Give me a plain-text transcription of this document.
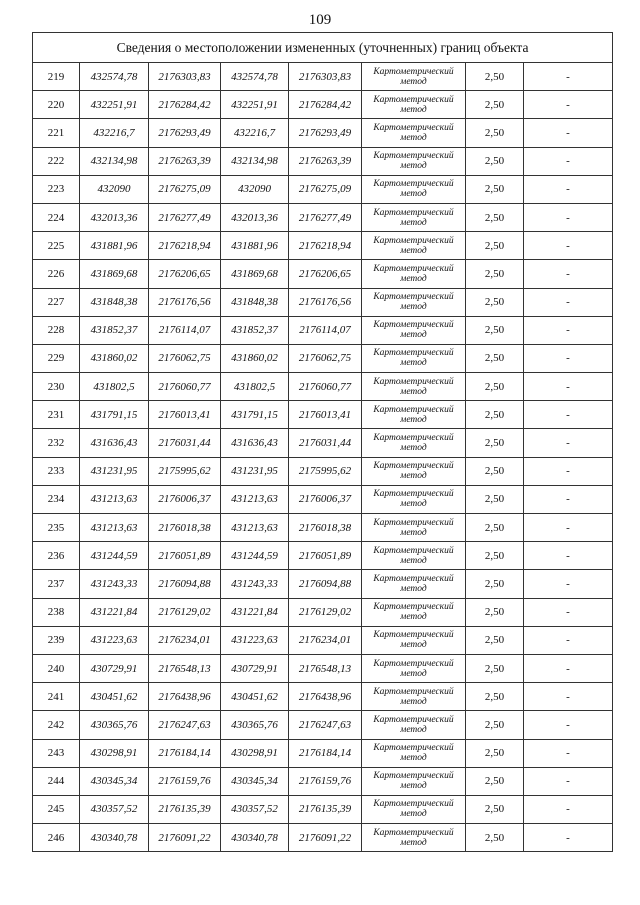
109
Сведения о местоположении измененных (уточненных) границ объекта							
219	432574,78	2176303,83	432574,78	2176303,83	Картометрический метод	2,50	-
220	432251,91	2176284,42	432251,91	2176284,42	Картометрический метод	2,50	-
221	432216,7	2176293,49	432216,7	2176293,49	Картометрический метод	2,50	-
222	432134,98	2176263,39	432134,98	2176263,39	Картометрический метод	2,50	-
223	432090	2176275,09	432090	2176275,09	Картометрический метод	2,50	-
224	432013,36	2176277,49	432013,36	2176277,49	Картометрический метод	2,50	-
225	431881,96	2176218,94	431881,96	2176218,94	Картометрический метод	2,50	-
226	431869,68	2176206,65	431869,68	2176206,65	Картометрический метод	2,50	-
227	431848,38	2176176,56	431848,38	2176176,56	Картометрический метод	2,50	-
228	431852,37	2176114,07	431852,37	2176114,07	Картометрический метод	2,50	-
229	431860,02	2176062,75	431860,02	2176062,75	Картометрический метод	2,50	-
230	431802,5	2176060,77	431802,5	2176060,77	Картометрический метод	2,50	-
231	431791,15	2176013,41	431791,15	2176013,41	Картометрический метод	2,50	-
232	431636,43	2176031,44	431636,43	2176031,44	Картометрический метод	2,50	-
233	431231,95	2175995,62	431231,95	2175995,62	Картометрический метод	2,50	-
234	431213,63	2176006,37	431213,63	2176006,37	Картометрический метод	2,50	-
235	431213,63	2176018,38	431213,63	2176018,38	Картометрический метод	2,50	-
236	431244,59	2176051,89	431244,59	2176051,89	Картометрический метод	2,50	-
237	431243,33	2176094,88	431243,33	2176094,88	Картометрический метод	2,50	-
238	431221,84	2176129,02	431221,84	2176129,02	Картометрический метод	2,50	-
239	431223,63	2176234,01	431223,63	2176234,01	Картометрический метод	2,50	-
240	430729,91	2176548,13	430729,91	2176548,13	Картометрический метод	2,50	-
241	430451,62	2176438,96	430451,62	2176438,96	Картометрический метод	2,50	-
242	430365,76	2176247,63	430365,76	2176247,63	Картометрический метод	2,50	-
243	430298,91	2176184,14	430298,91	2176184,14	Картометрический метод	2,50	-
244	430345,34	2176159,76	430345,34	2176159,76	Картометрический метод	2,50	-
245	430357,52	2176135,39	430357,52	2176135,39	Картометрический метод	2,50	-
246	430340,78	2176091,22	430340,78	2176091,22	Картометрический метод	2,50	-
